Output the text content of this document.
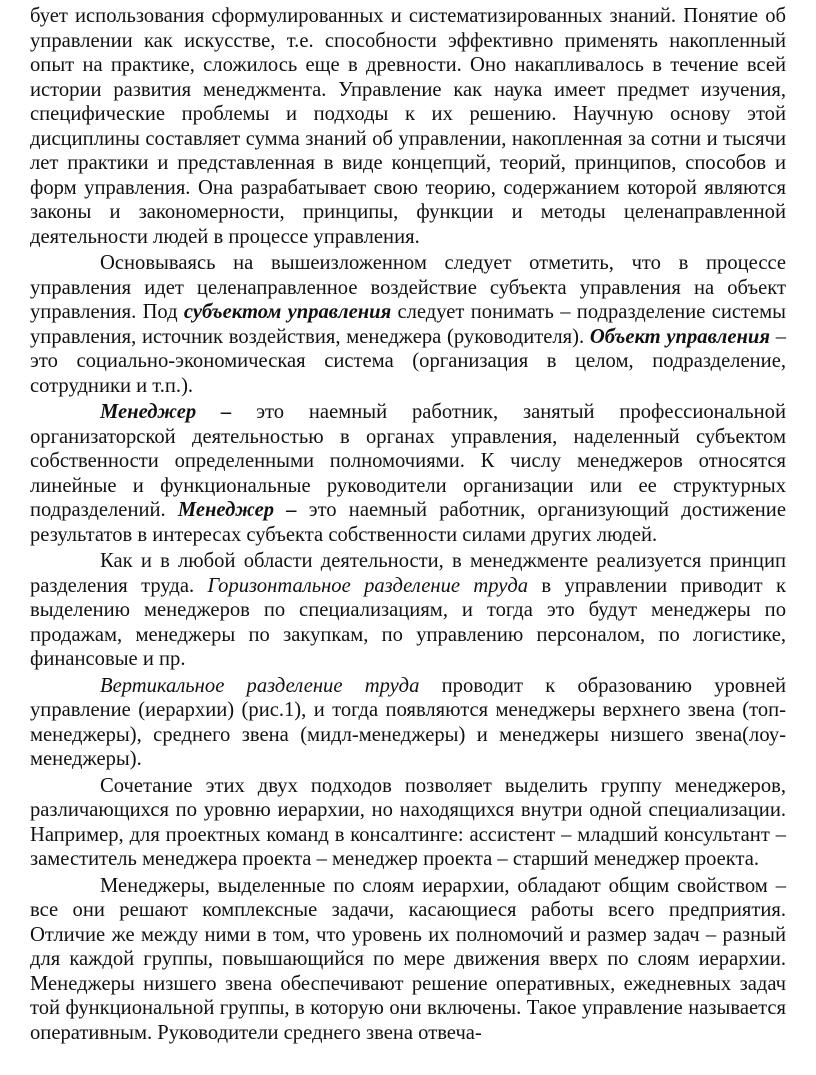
бует использования сформулированных и систематизированных знаний. Понятие об управлении как искусстве, т.е. способности эффективно применять накопленный опыт на практике, сложилось еще в древности. Оно накапливалось в течение всей истории развития менеджмента. Управление как наука имеет предмет изучения, специфические проблемы и подходы к их решению. Научную основу этой дисциплины составляет сумма знаний об управлении, накопленная за сотни и тысячи лет практики и представленная в виде концепций, теорий, принципов, способов и форм управления. Она разрабатывает свою теорию, содержанием которой являются законы и закономерности, принципы, функции и методы целенаправленной деятельности людей в процессе управления.

Основываясь на вышеизложенном следует отметить, что в процессе управления идет целенаправленное воздействие субъекта управления на объект управления. Под субъектом управления следует понимать – подразделение системы управления, источник воздействия, менеджера (руководителя). Объект управления – это социально-экономическая система (организация в целом, подразделение, сотрудники и т.п.).

Менеджер – это наемный работник, занятый профессиональной организаторской деятельностью в органах управления, наделенный субъектом собственности определенными полномочиями. К числу менеджеров относятся линейные и функциональные руководители организации или ее структурных подразделений. Менеджер – это наемный работник, организующий достижение результатов в интересах субъекта собственности силами других людей.

Как и в любой области деятельности, в менеджменте реализуется принцип разделения труда. Горизонтальное разделение труда в управлении приводит к выделению менеджеров по специализациям, и тогда это будут менеджеры по продажам, менеджеры по закупкам, по управлению персоналом, по логистике, финансовые и пр.

Вертикальное разделение труда проводит к образованию уровней управление (иерархии) (рис.1), и тогда появляются менеджеры верхнего звена (топ-менеджеры), среднего звена (мидл-менеджеры) и менеджеры низшего звена(лоу-менеджеры).

Сочетание этих двух подходов позволяет выделить группу менеджеров, различающихся по уровню иерархии, но находящихся внутри одной специализации. Например, для проектных команд в консалтинге: ассистент – младший консультант – заместитель менеджера проекта – менеджер проекта – старший менеджер проекта.

Менеджеры, выделенные по слоям иерархии, обладают общим свойством – все они решают комплексные задачи, касающиеся работы всего предприятия. Отличие же между ними в том, что уровень их полномочий и размер задач – разный для каждой группы, повышающийся по мере движения вверх по слоям иерархии. Менеджеры низшего звена обеспечивают решение оперативных, ежедневных задач той функциональной группы, в которую они включены. Такое управление называется оперативным. Руководители среднего звена отвеча-
